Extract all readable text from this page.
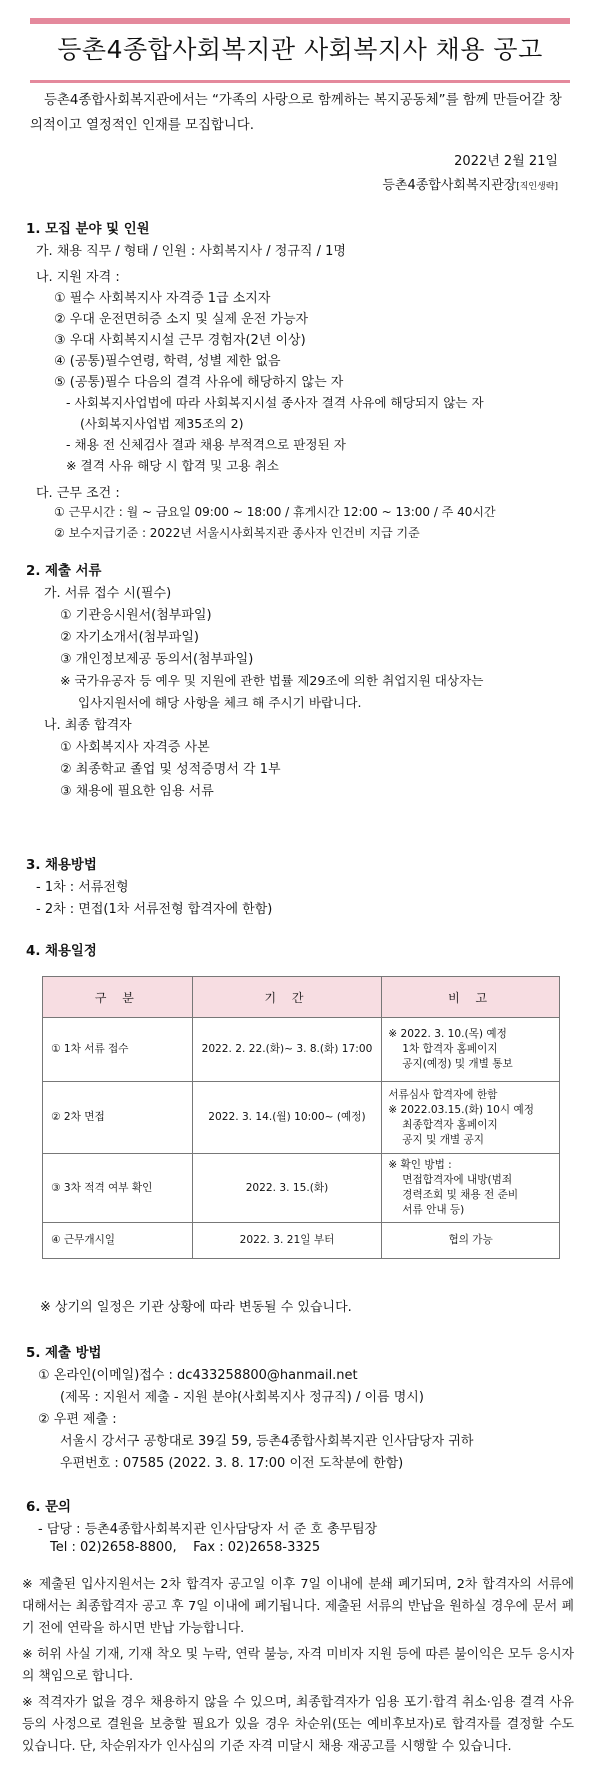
등촌4종합사회복지관 사회복지사 채용 공고
등촌4종합사회복지관에서는 “가족의 사랑으로 함께하는 복지공동체”를 함께 만들어갈 창의적이고 열정적인 인재를 모집합니다.
2022년 2월 21일
등촌4종합사회복지관장[직인생략]
1. 모집 분야 및 인원
가. 채용 직무 / 형태 / 인원 : 사회복지사 / 정규직 / 1명
나. 지원 자격 :
① 필수 사회복지사 자격증 1급 소지자
② 우대 운전면허증 소지 및 실제 운전 가능자
③ 우대 사회복지시설 근무 경험자(2년 이상)
④ (공통)필수연령, 학력, 성별 제한 없음
⑤ (공통)필수 다음의 결격 사유에 해당하지 않는 자
- 사회복지사업법에 따라 사회복지시설 종사자 결격 사유에 해당되지 않는 자
(사회복지사업법 제35조의 2)
- 채용 전 신체검사 결과 채용 부적격으로 판정된 자
※ 결격 사유 해당 시 합격 및 고용 취소
다. 근무 조건 :
① 근무시간 : 월 ~ 금요일 09:00 ~ 18:00 / 휴게시간 12:00 ~ 13:00 / 주 40시간
② 보수지급기준 : 2022년 서울시사회복지관 종사자 인건비 지급 기준
2. 제출 서류
가. 서류 접수 시(필수)
① 기관응시원서(첨부파일)
② 자기소개서(첨부파일)
③ 개인정보제공 동의서(첨부파일)
※ 국가유공자 등 예우 및 지원에 관한 법률 제29조에 의한 취업지원 대상자는
입사지원서에 해당 사항을 체크 해 주시기 바랍니다.
나. 최종 합격자
① 사회복지사 자격증 사본
② 최종학교 졸업 및 성적증명서 각 1부
③ 채용에 필요한 임용 서류
3. 채용방법
- 1차 : 서류전형
- 2차 : 면접(1차 서류전형 합격자에 한함)
4. 채용일정
구 분	기 간	비 고
① 1차 서류 접수	2022. 2. 22.(화)~ 3. 8.(화) 17:00	※ 2022. 3. 10.(목) 예정
1차 합격자 홈페이지
공지(예정) 및 개별 통보

② 2차 면접	2022. 3. 14.(월) 10:00~ (예정)	서류심사 합격자에 한함
※ 2022.03.15.(화) 10시 예정
최종합격자 홈페이지
공지 및 개별 공지

③ 3차 적격 여부 확인	2022. 3. 15.(화)	※ 확인 방법 :
면접합격자에 내방(범죄
경력조회 및 채용 전 준비
서류 안내 등)

④ 근무개시일	2022. 3. 21일 부터	협의 가능
※ 상기의 일정은 기관 상황에 따라 변동될 수 있습니다.
5. 제출 방법
① 온라인(이메일)접수 : dc433258800@hanmail.net
(제목 : 지원서 제출 - 지원 분야(사회복지사 정규직) / 이름 명시)
② 우편 제출 :
서울시 강서구 공항대로 39길 59, 등촌4종합사회복지관 인사담당자 귀하
우편번호 : 07585 (2022. 3. 8. 17:00 이전 도착분에 한함)
6. 문의
- 담당 : 등촌4종합사회복지관 인사담당자 서 준 호 총무팀장
Tel : 02)2658-8800,    Fax : 02)2658-3325
※ 제출된 입사지원서는 2차 합격자 공고일 이후 7일 이내에 분쇄 폐기되며, 2차 합격자의 서류에 대해서는 최종합격자 공고 후 7일 이내에 폐기됩니다. 제출된 서류의 반납을 원하실 경우에 문서 폐기 전에 연락을 하시면 반납 가능합니다.
※ 허위 사실 기재, 기재 착오 및 누락, 연락 불능, 자격 미비자 지원 등에 따른 불이익은 모두 응시자의 책임으로 합니다.
※ 적격자가 없을 경우 채용하지 않을 수 있으며, 최종합격자가 임용 포기·합격 취소·임용 결격 사유 등의 사정으로 결원을 보충할 필요가 있을 경우 차순위(또는 예비후보자)로 합격자를 결정할 수도 있습니다. 단, 차순위자가 인사심의 기준 자격 미달시 채용 재공고를 시행할 수 있습니다.
